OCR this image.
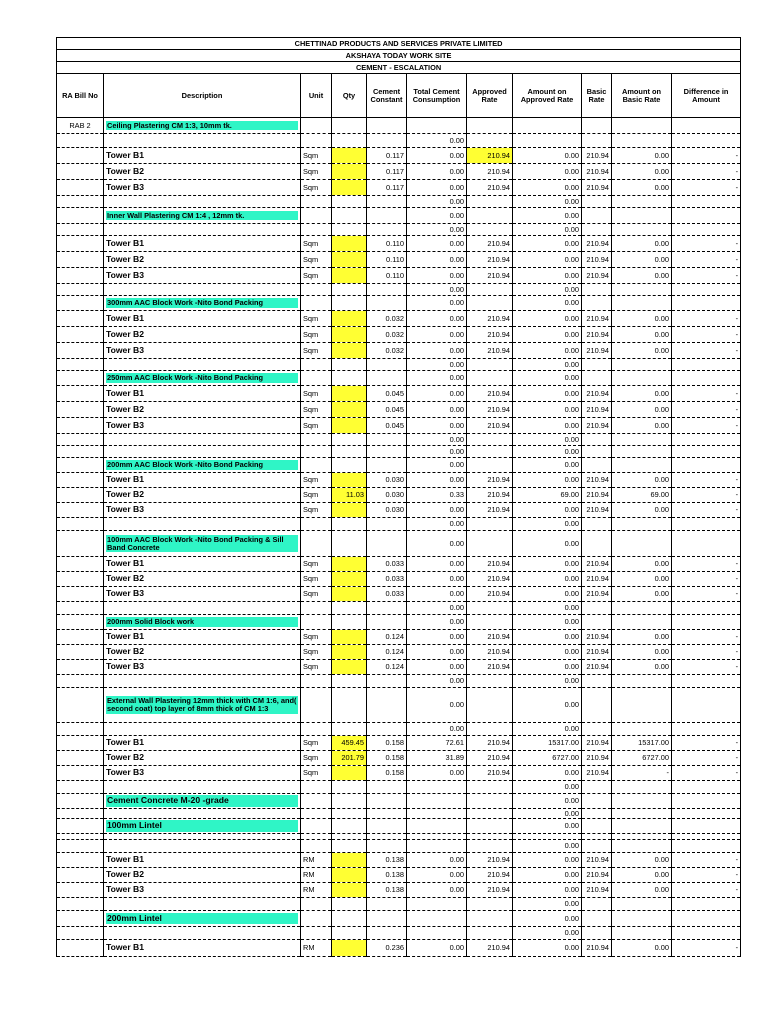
CHETTINAD PRODUCTS AND SERVICES PRIVATE LIMITED										
AKSHAYA TODAY WORK SITE										
CEMENT - ESCALATION										
RA Bill No	Description	Unit	Qty	Cement Constant	Total Cement Consumption	Approved Rate	Amount on Approved Rate	Basic Rate	Amount on Basic Rate	Difference in Amount
RAB 2	Ceiling Plastering CM 1:3, 10mm tk.									

					0.00					
	Tower B1	Sqm		0.117	0.00	210.94	0.00	210.94	0.00	-
	Tower B2	Sqm		0.117	0.00	210.94	0.00	210.94	0.00	-
	Tower B3	Sqm		0.117	0.00	210.94	0.00	210.94	0.00	-
					0.00		0.00			

	Inner Wall Plastering CM 1:4 , 12mm tk.				0.00		0.00			
					0.00		0.00			
	Tower B1	Sqm		0.110	0.00	210.94	0.00	210.94	0.00	-
	Tower B2	Sqm		0.110	0.00	210.94	0.00	210.94	0.00	-
	Tower B3	Sqm		0.110	0.00	210.94	0.00	210.94	0.00	-
					0.00		0.00			

	300mm AAC Block Work -Nito Bond Packing				0.00		0.00			
	Tower B1	Sqm		0.032	0.00	210.94	0.00	210.94	0.00	-
	Tower B2	Sqm		0.032	0.00	210.94	0.00	210.94	0.00	-
	Tower B3	Sqm		0.032	0.00	210.94	0.00	210.94	0.00	-
					0.00		0.00			

	250mm AAC Block Work -Nito Bond Packing				0.00		0.00			
	Tower B1	Sqm		0.045	0.00	210.94	0.00	210.94	0.00	-
	Tower B2	Sqm		0.045	0.00	210.94	0.00	210.94	0.00	-
	Tower B3	Sqm		0.045	0.00	210.94	0.00	210.94	0.00	-
					0.00		0.00			
					0.00		0.00			

	200mm AAC Block Work -Nito Bond Packing				0.00		0.00			
	Tower B1	Sqm		0.030	0.00	210.94	0.00	210.94	0.00	-
	Tower B2	Sqm	11.03	0.030	0.33	210.94	69.00	210.94	69.00	-
	Tower B3	Sqm		0.030	0.00	210.94	0.00	210.94	0.00	-
					0.00		0.00			

	100mm AAC Block Work -Nito Bond Packing & Sill Band Concrete				0.00		0.00			
	Tower B1	Sqm		0.033	0.00	210.94	0.00	210.94	0.00	-
	Tower B2	Sqm		0.033	0.00	210.94	0.00	210.94	0.00	-
	Tower B3	Sqm		0.033	0.00	210.94	0.00	210.94	0.00	-
					0.00		0.00			

	200mm Solid Block work				0.00		0.00			
	Tower B1	Sqm		0.124	0.00	210.94	0.00	210.94	0.00	-
	Tower B2	Sqm		0.124	0.00	210.94	0.00	210.94	0.00	-
	Tower B3	Sqm		0.124	0.00	210.94	0.00	210.94	0.00	-
					0.00		0.00			

	External Wall Plastering 12mm thick with CM 1:6, and( second coat) top layer of 8mm thick of CM 1:3				0.00		0.00			
					0.00		0.00			
	Tower B1	Sqm	459.45	0.158	72.61	210.94	15317.00	210.94	15317.00	-
	Tower B2	Sqm	201.79	0.158	31.89	210.94	6727.00	210.94	6727.00	-
	Tower B3	Sqm		0.158	0.00	210.94	0.00	210.94	-	-
							0.00			

	Cement Concrete M-20 -grade						0.00			
							0.00			

	100mm Lintel						0.00			

							0.00			
	Tower B1	RM		0.138	0.00	210.94	0.00	210.94	0.00	-
	Tower B2	RM		0.138	0.00	210.94	0.00	210.94	0.00	-
	Tower B3	RM		0.138	0.00	210.94	0.00	210.94	0.00	-
							0.00			

	200mm Lintel						0.00			
							0.00			
	Tower B1	RM		0.236	0.00	210.94	0.00	210.94	0.00	-
